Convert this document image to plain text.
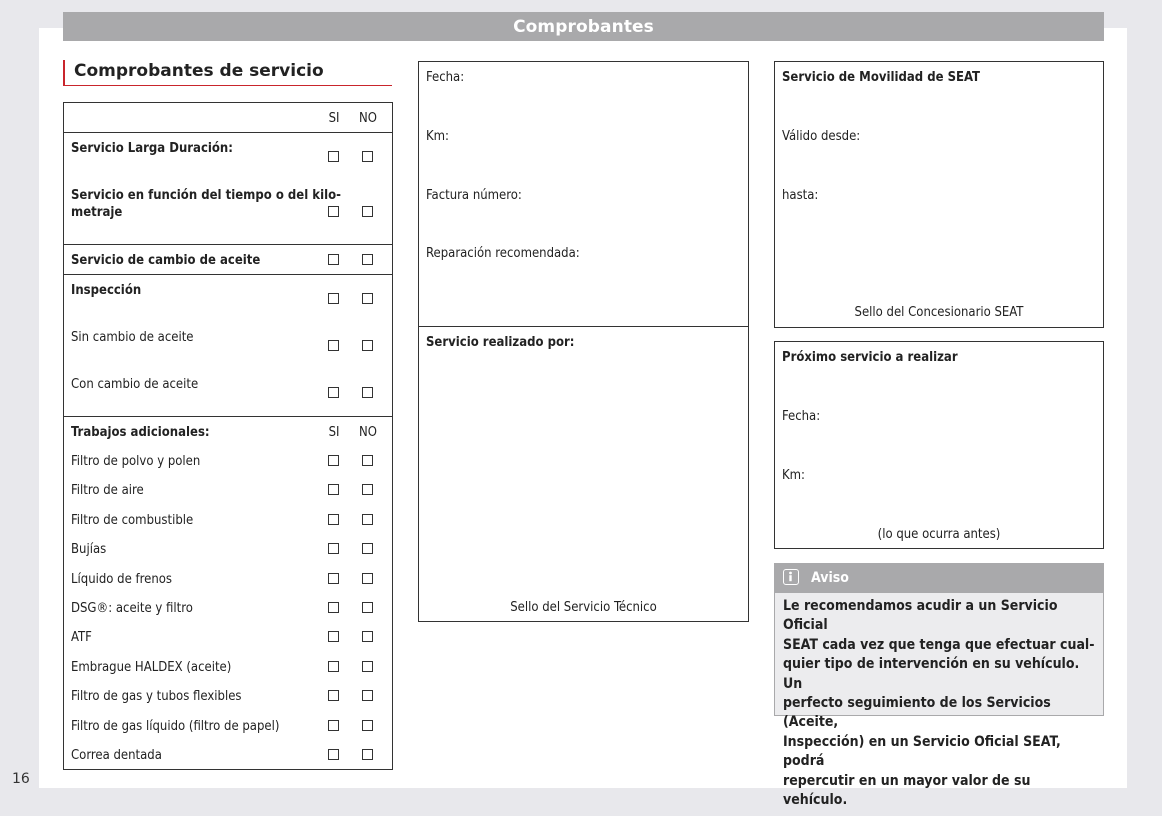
Comprobantes
16
Comprobantes de servicio
SI	NO
Servicio Larga Duración:
Servicio en función del tiempo o del kilo-
metraje
Servicio de cambio de aceite
Inspección
Sin cambio de aceite
Con cambio de aceite
Trabajos adicionales:	SI	NO
Filtro de polvo y polen
Filtro de aire
Filtro de combustible
Bujías
Líquido de frenos
DSG®: aceite y filtro
ATF
Embrague HALDEX (aceite)
Filtro de gas y tubos flexibles
Filtro de gas líquido (filtro de papel)
Correa dentada
Fecha:
Km:
Factura número:
Reparación recomendada:
Servicio realizado por:
Sello del Servicio Técnico
Servicio de Movilidad de SEAT
Válido desde:
hasta:
Sello del Concesionario SEAT
Próximo servicio a realizar
Fecha:
Km:
(lo que ocurra antes)
Aviso
Le recomendamos acudir a un Servicio Oficial
SEAT cada vez que tenga que efectuar cual-
quier tipo de intervención en su vehículo. Un
perfecto seguimiento de los Servicios (Aceite,
Inspección) en un Servicio Oficial SEAT, podrá
repercutir en un mayor valor de su vehículo.
